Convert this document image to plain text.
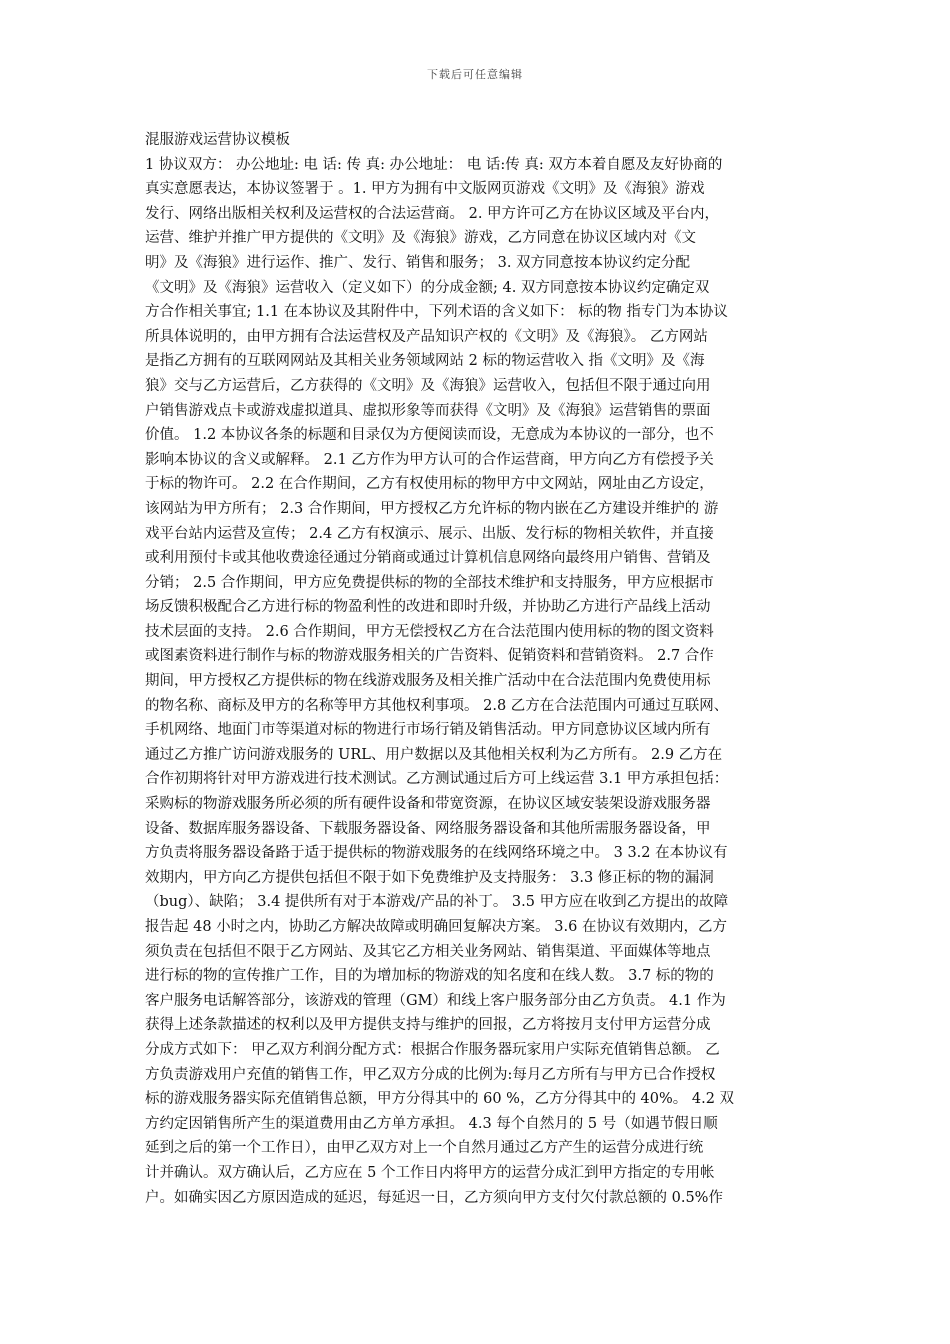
下载后可任意编辑
混服游戏运营协议模板
1 协议双方： 办公地址: 电 话: 传 真: 办公地址： 电 话:传 真: 双方本着自愿及友好协商的
真实意愿表达，本协议签署于 。1. 甲方为拥有中文版网页游戏《文明》及《海狼》游戏
发行、网络出版相关权利及运营权的合法运营商。 2. 甲方许可乙方在协议区域及平台内，
运营、维护并推广甲方提供的《文明》及《海狼》游戏，乙方同意在协议区域内对《文
明》及《海狼》进行运作、推广、发行、销售和服务； 3. 双方同意按本协议约定分配
《文明》及《海狼》运营收入（定义如下）的分成金额; 4. 双方同意按本协议约定确定双
方合作相关事宜; 1.1 在本协议及其附件中，下列术语的含义如下： 标的物 指专门为本协议
所具体说明的，由甲方拥有合法运营权及产品知识产权的《文明》及《海狼》。 乙方网站
是指乙方拥有的互联网网站及其相关业务领域网站 2 标的物运营收入 指《文明》及《海
狼》交与乙方运营后，乙方获得的《文明》及《海狼》运营收入，包括但不限于通过向用
户销售游戏点卡或游戏虚拟道具、虚拟形象等而获得《文明》及《海狼》运营销售的票面
价值。 1.2 本协议各条的标题和目录仅为方便阅读而设，无意成为本协议的一部分，也不
影响本协议的含义或解释。 2.1 乙方作为甲方认可的合作运营商，甲方向乙方有偿授予关
于标的物许可。 2.2 在合作期间，乙方有权使用标的物甲方中文网站，网址由乙方设定，
该网站为甲方所有； 2.3 合作期间，甲方授权乙方允许标的物内嵌在乙方建设并维护的 游
戏平台站内运营及宣传； 2.4 乙方有权演示、展示、出版、发行标的物相关软件，并直接
或利用预付卡或其他收费途径通过分销商或通过计算机信息网络向最终用户销售、营销及
分销； 2.5 合作期间，甲方应免费提供标的物的全部技术维护和支持服务，甲方应根据市
场反馈积极配合乙方进行标的物盈利性的改进和即时升级，并协助乙方进行产品线上活动
技术层面的支持。 2.6 合作期间，甲方无偿授权乙方在合法范围内使用标的物的图文资料
或图素资料进行制作与标的物游戏服务相关的广告资料、促销资料和营销资料。 2.7 合作
期间，甲方授权乙方提供标的物在线游戏服务及相关推广活动中在合法范围内免费使用标
的物名称、商标及甲方的名称等甲方其他权利事项。 2.8 乙方在合法范围内可通过互联网、
手机网络、地面门市等渠道对标的物进行市场行销及销售活动。甲方同意协议区域内所有
通过乙方推广访问游戏服务的 URL、用户数据以及其他相关权利为乙方所有。 2.9 乙方在
合作初期将针对甲方游戏进行技术测试。乙方测试通过后方可上线运营 3.1 甲方承担包括：
采购标的物游戏服务所必须的所有硬件设备和带宽资源，在协议区域安装架设游戏服务器
设备、数据库服务器设备、下载服务器设备、网络服务器设备和其他所需服务器设备，甲
方负责将服务器设备路于适于提供标的物游戏服务的在线网络环境之中。 3 3.2 在本协议有
效期内，甲方向乙方提供包括但不限于如下免费维护及支持服务： 3.3 修正标的物的漏洞
（bug）、缺陷； 3.4 提供所有对于本游戏/产品的补丁。 3.5 甲方应在收到乙方提出的故障
报告起 48 小时之内，协助乙方解决故障或明确回复解决方案。 3.6 在协议有效期内，乙方
须负责在包括但不限于乙方网站、及其它乙方相关业务网站、销售渠道、平面媒体等地点
进行标的物的宣传推广工作，目的为增加标的物游戏的知名度和在线人数。 3.7 标的物的
客户服务电话解答部分，该游戏的管理（GM）和线上客户服务部分由乙方负责。 4.1 作为
获得上述条款描述的权利以及甲方提供支持与维护的回报，乙方将按月支付甲方运营分成
分成方式如下： 甲乙双方利润分配方式：根据合作服务器玩家用户实际充值销售总额。 乙
方负责游戏用户充值的销售工作，甲乙双方分成的比例为:每月乙方所有与甲方已合作授权
标的游戏服务器实际充值销售总额，甲方分得其中的 60 %，乙方分得其中的 40%。 4.2 双
方约定因销售所产生的渠道费用由乙方单方承担。 4.3 每个自然月的 5 号（如遇节假日顺
延到之后的第一个工作日），由甲乙双方对上一个自然月通过乙方产生的运营分成进行统
计并确认。双方确认后，乙方应在 5 个工作日内将甲方的运营分成汇到甲方指定的专用帐
户。如确实因乙方原因造成的延迟，每延迟一日，乙方须向甲方支付欠付款总额的 0.5%作
